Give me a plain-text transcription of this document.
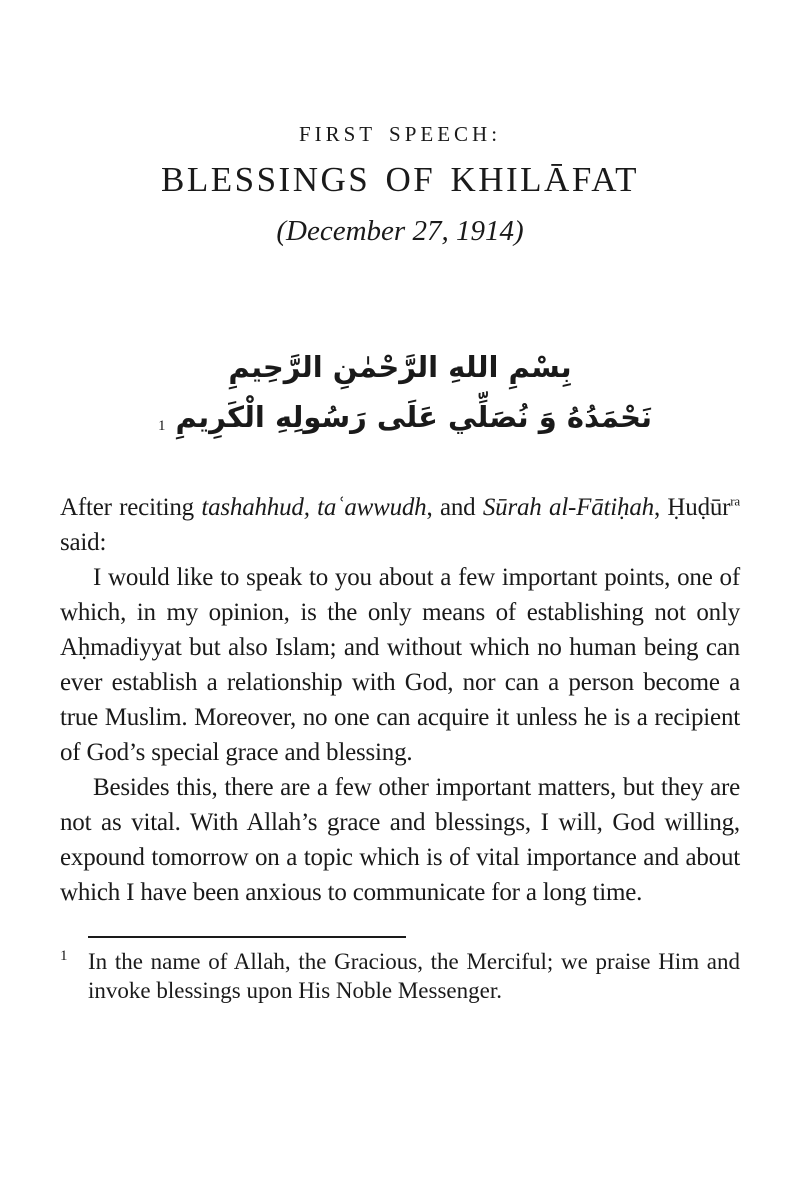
FIRST SPEECH:
BLESSINGS OF KHILĀFAT
(December 27, 1914)
بِسْمِ اللهِ الرَّحْمٰنِ الرَّحِيمِ
نَحْمَدُهُ وَ نُصَلِّي عَلَى رَسُولِهِ الْكَرِيمِ1

After reciting tashahhud, taʿawwudh, and Sūrah al-Fātiḥah, Ḥuḍūr$^{ra}$ said:

I would like to speak to you about a few important points, one of which, in my opinion, is the only means of establishing not only Aḥmadiyyat but also Islam; and without which no human being can ever establish a relationship with God, nor can a person become a true Muslim. Moreover, no one can acquire it unless he is a recipient of God’s special grace and blessing.

Besides this, there are a few other important matters, but they are not as vital. With Allah’s grace and blessings, I will, God willing, expound tomorrow on a topic which is of vital importance and about which I have been anxious to communicate for a long time.

1 In the name of Allah, the Gracious, the Merciful; we praise Him and invoke blessings upon His Noble Messenger.
